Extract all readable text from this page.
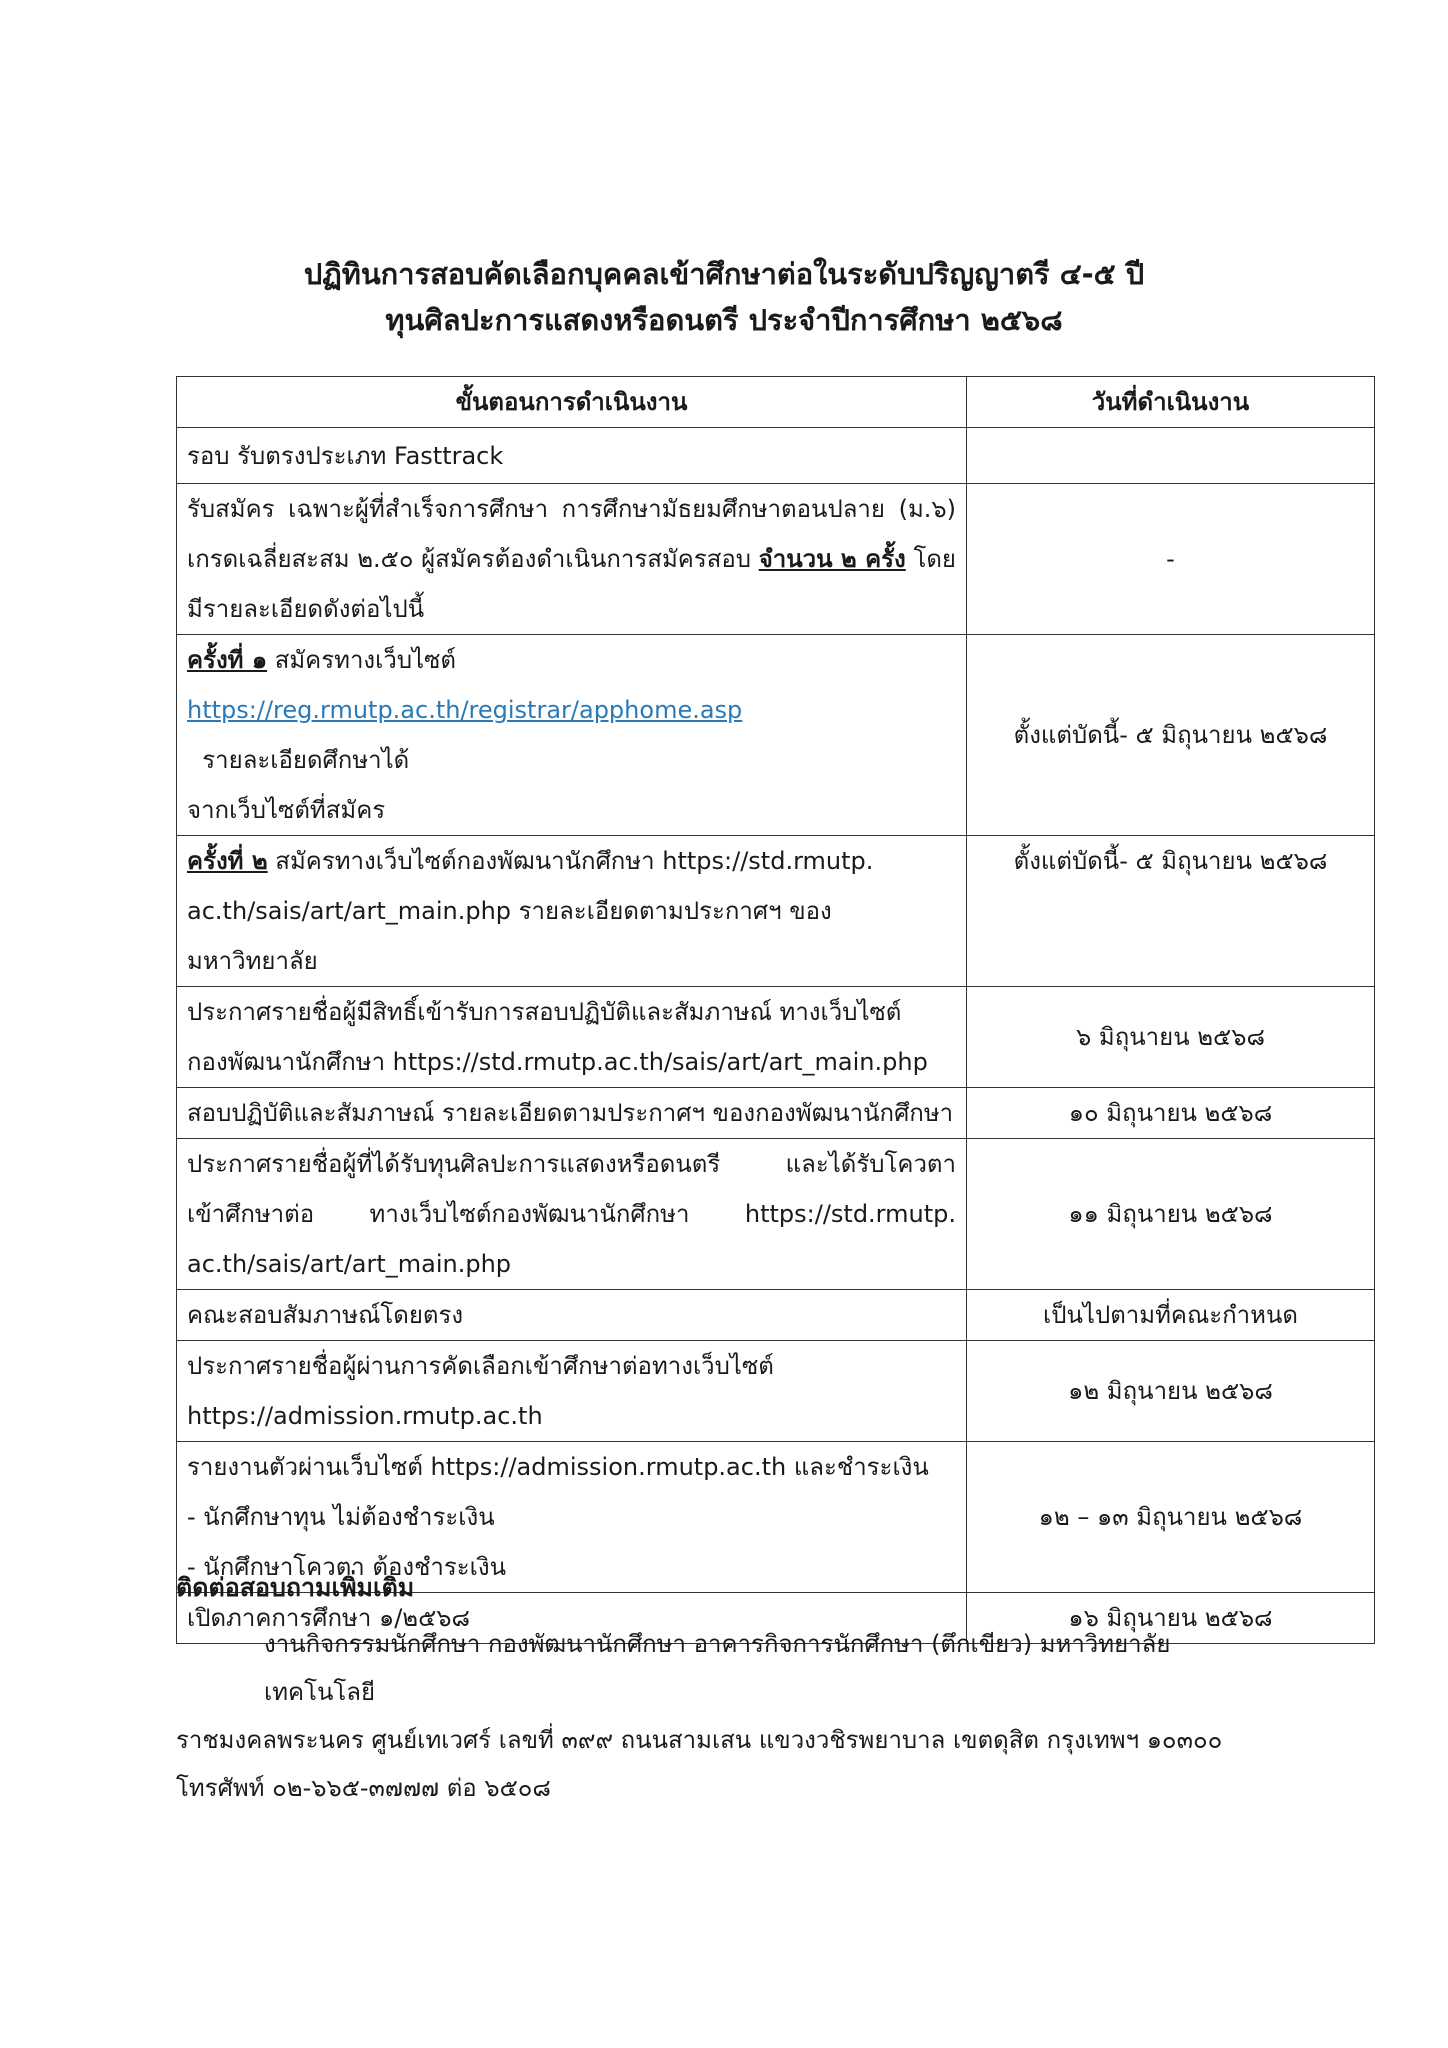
ปฏิทินการสอบคัดเลือกบุคคลเข้าศึกษาต่อในระดับปริญญาตรี ๔-๕ ปี
ทุนศิลปะการแสดงหรือดนตรี ประจำปีการศึกษา ๒๕๖๘
ขั้นตอนการดำเนินงาน	วันที่ดำเนินงาน
รอบ รับตรงประเภท Fasttrack	

รับสมัคร เฉพาะผู้ที่สำเร็จการศึกษา การศึกษามัธยมศึกษาตอนปลาย (ม.๖)
เกรดเฉลี่ยสะสม ๒.๕๐ ผู้สมัครต้องดำเนินการสมัครสอบ จำนวน ๒ ครั้ง โดย
มีรายละเอียดดังต่อไปนี้	-

ครั้งที่ ๑ สมัครทางเว็บไซต์
https://reg.rmutp.ac.th/registrar/apphome.asp  รายละเอียดศึกษาได้
จากเว็บไซต์ที่สมัคร	ตั้งแต่บัดนี้- ๕ มิถุนายน ๒๕๖๘

ครั้งที่ ๒ สมัครทางเว็บไซต์กองพัฒนานักศึกษา https://std.rmutp.
ac.th/sais/art/art_main.php รายละเอียดตามประกาศฯ ของมหาวิทยาลัย	ตั้งแต่บัดนี้- ๕ มิถุนายน ๒๕๖๘

ประกาศรายชื่อผู้มีสิทธิ์เข้ารับการสอบปฏิบัติและสัมภาษณ์ ทางเว็บไซต์
กองพัฒนานักศึกษา https://std.rmutp.ac.th/sais/art/art_main.php	๖ มิถุนายน ๒๕๖๘
สอบปฏิบัติและสัมภาษณ์ รายละเอียดตามประกาศฯ ของกองพัฒนานักศึกษา	๑๐ มิถุนายน ๒๕๖๘

ประกาศรายชื่อผู้ที่ได้รับทุนศิลปะการแสดงหรือดนตรี และได้รับโควตา
เข้าศึกษาต่อ ทางเว็บไซต์กองพัฒนานักศึกษา https://std.rmutp.
ac.th/sais/art/art_main.php	๑๑ มิถุนายน ๒๕๖๘
คณะสอบสัมภาษณ์โดยตรง	เป็นไปตามที่คณะกำหนด

ประกาศรายชื่อผู้ผ่านการคัดเลือกเข้าศึกษาต่อทางเว็บไซต์
https://admission.rmutp.ac.th	๑๒ มิถุนายน ๒๕๖๘

รายงานตัวผ่านเว็บไซต์ https://admission.rmutp.ac.th และชำระเงิน
- นักศึกษาทุน ไม่ต้องชำระเงิน
- นักศึกษาโควตา ต้องชำระเงิน	๑๒ – ๑๓ มิถุนายน ๒๕๖๘
เปิดภาคการศึกษา ๑/๒๕๖๘	๑๖ มิถุนายน ๒๕๖๘
ติดต่อสอบถามเพิ่มเติม
งานกิจกรรมนักศึกษา กองพัฒนานักศึกษา อาคารกิจการนักศึกษา (ตึกเขียว) มหาวิทยาลัยเทคโนโลยี
ราชมงคลพระนคร ศูนย์เทเวศร์ เลขที่ ๓๙๙ ถนนสามเสน แขวงวชิรพยาบาล เขตดุสิต กรุงเทพฯ ๑๐๓๐๐
โทรศัพท์ ๐๒-๖๖๕-๓๗๗๗ ต่อ ๖๕๐๘
